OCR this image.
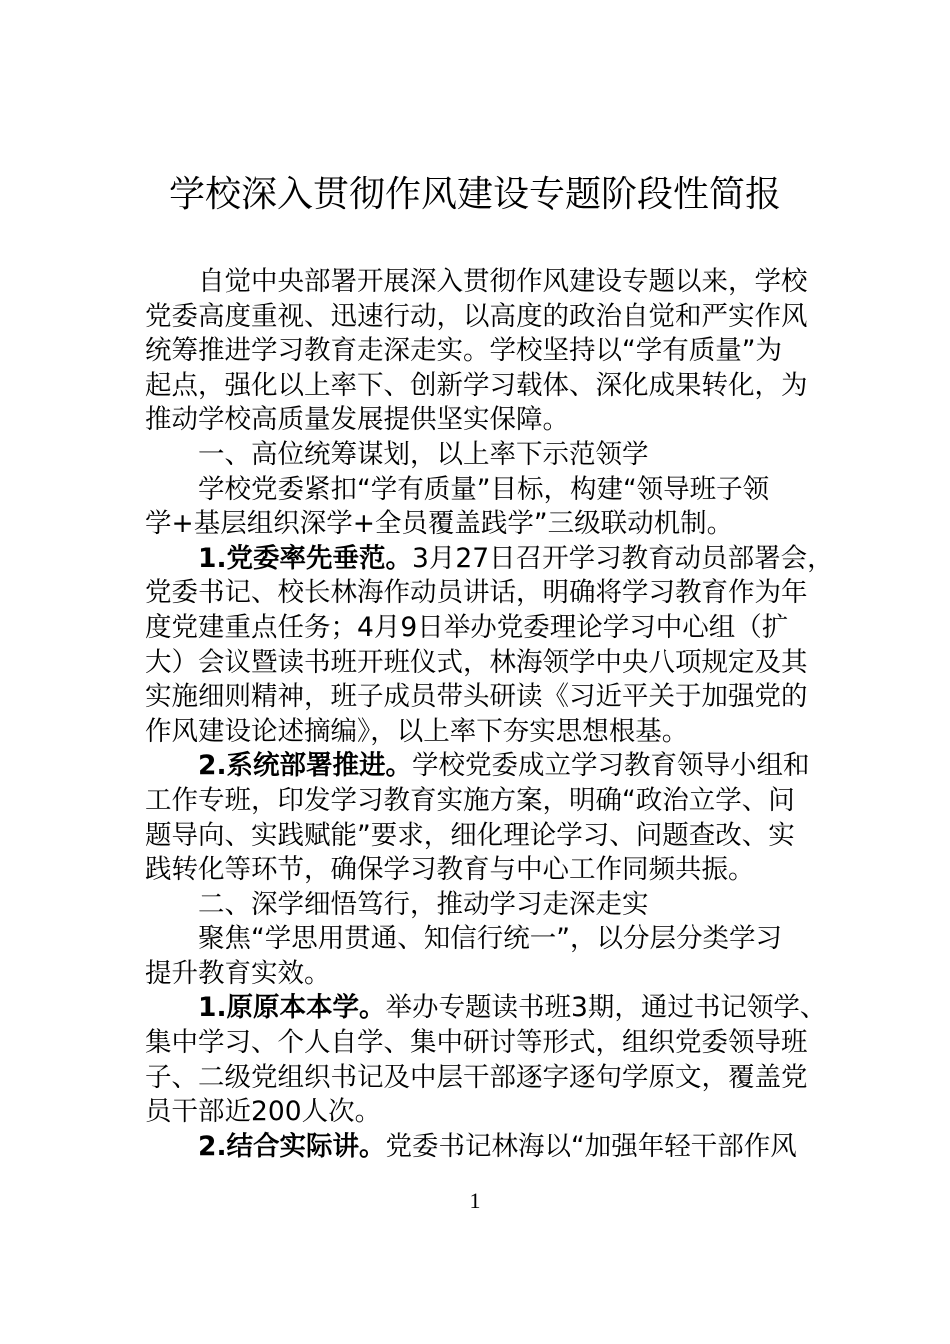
学校深入贯彻作风建设专题阶段性简报
自觉中央部署开展深入贯彻作风建设专题以来，学校
党委高度重视、迅速行动，以高度的政治自觉和严实作风
统筹推进学习教育走深走实。学校坚持以“学有质量”为
起点，强化以上率下、创新学习载体、深化成果转化，为
推动学校高质量发展提供坚实保障。
一、高位统筹谋划，以上率下示范领学
学校党委紧扣“学有质量”目标，构建“领导班子领
学+基层组织深学+全员覆盖践学”三级联动机制。
1.党委率先垂范。3月27日召开学习教育动员部署会，
党委书记、校长林海作动员讲话，明确将学习教育作为年
度党建重点任务；4月9日举办党委理论学习中心组（扩
大）会议暨读书班开班仪式，林海领学中央八项规定及其
实施细则精神，班子成员带头研读《习近平关于加强党的
作风建设论述摘编》，以上率下夯实思想根基。
2.系统部署推进。学校党委成立学习教育领导小组和
工作专班，印发学习教育实施方案，明确“政治立学、问
题导向、实践赋能”要求，细化理论学习、问题查改、实
践转化等环节，确保学习教育与中心工作同频共振。
二、深学细悟笃行，推动学习走深走实
聚焦“学思用贯通、知信行统一”，以分层分类学习
提升教育实效。
1.原原本本学。举办专题读书班3期，通过书记领学、
集中学习、个人自学、集中研讨等形式，组织党委领导班
子、二级党组织书记及中层干部逐字逐句学原文，覆盖党
员干部近200人次。
2.结合实际讲。党委书记林海以“加强年轻干部作风
1
